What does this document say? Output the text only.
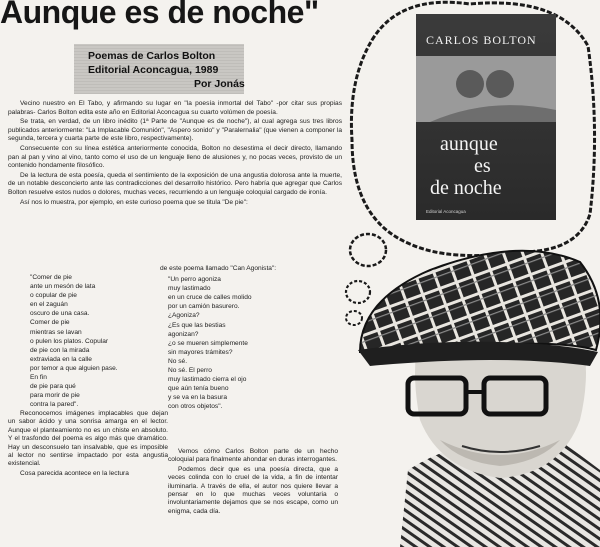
Aunque es de noche"
Poemas de Carlos Bolton
Editorial Aconcagua, 1989
Por Jonás

Vecino nuestro en El Tabo, y afirmando su lugar en "la poesía inmortal del Tabo" -por citar sus propias palabras- Carlos Bolton edita este año en Editorial Aconcagua su cuarto volúmen de poesía.

Se trata, en verdad, de un libro inédito (1ª Parte de "Aunque es de noche"), al cual agrega sus tres libros publicados anteriormente: "La Implacable Comunión", "Aspero sonido" y "Paralernalia" (que vienen a componer la segunda, tercera y cuarta parte de este libro, respectivamente).

Consecuente con su línea estética anteriormente conocida, Bolton no desestima el decir directo, llamando pan al pan y vino al vino, tanto como el uso de un lenguaje lleno de alusiones y, no pocas veces, provisto de un contenido hondamente filosófico.

De la lectura de esta poesía, queda el sentimiento de la exposición de una angustia dolorosa ante la muerte, de un notable desconcierto ante las contradicciones del desarrollo histórico. Pero habría que agregar que Carlos Bolton resuelve estos nudos o dolores, muchas veces, recurriendo a un lenguaje coloquial cargado de ironía.

Así nos lo muestra, por ejemplo, en este curioso poema que se titula "De pie":

"Comer de pie
ante un mesón de lata
o copular de pie
en el zaguán
oscuro de una casa.
Comer de pie
mientras se lavan
o pulen los platos. Copular
de pie con la mirada
extraviada en la calle
por temor a que alguien pase.
En fin
de pie para qué
para morir de pie
contra la pared".
de este poema llamado "Can Agonista":
"Un perro agoniza
muy lastimado
en un cruce de calles molido
por un camión basurero.
¿Agoniza?
¿Es que las bestias
agonizan?
¿o se mueren simplemente
sin mayores trámites?
No sé.
No sé. El perro
muy lastimado cierra el ojo
que aún tenía bueno
y se va en la basura
con otros objetos".

Reconocemos imágenes implacables que dejan un sabor ácido y una sonrisa amarga en el lector. Aunque el planteamiento no es un chiste en absoluto. Y el trasfondo del poema es algo más que dramático. Hay un desconsuelo tan insalvable, que es imposible al lector no sentirse impactado por esta angustia existencial.

Cosa parecida acontece en la lectura

Vemos cómo Carlos Bolton parte de un hecho coloquial para finalmente ahondar en duras interrogantes.

Podemos decir que es una poesía directa, que a veces colinda con lo cruel de la vida, a fin de intentar iluminarla. A través de ella, el autor nos quiere llevar a pensar en lo que muchas veces voluntaria o involuntariamente dejamos que se nos escape, como un enigma, cada día.

CARLOS BOLTON
aunque
es
de noche
Editorial Aconcagua
